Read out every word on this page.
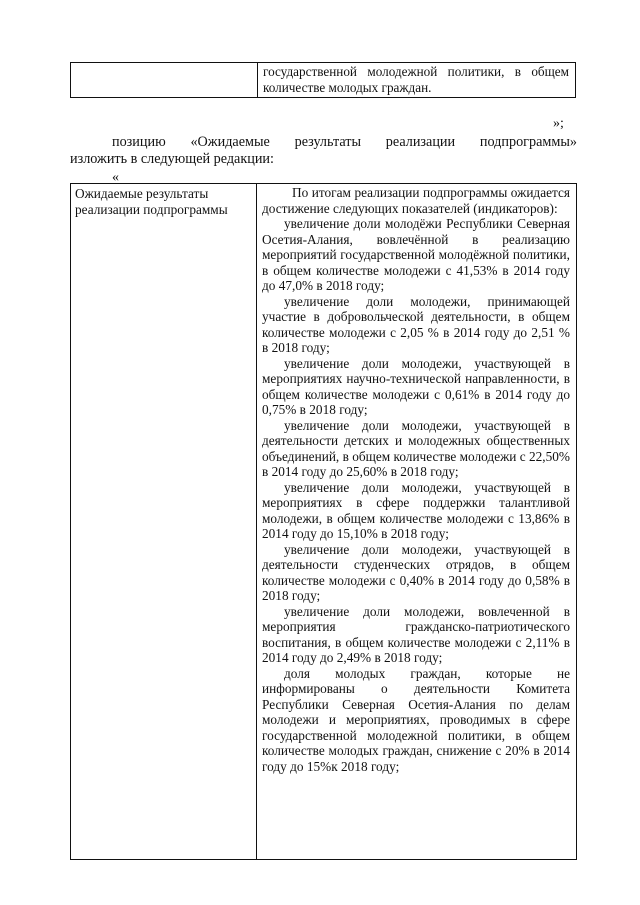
государственной молодежной политики, в общем количестве молодых граждан.
»;
позицию «Ожидаемые результаты реализации подпрограммы»
изложить в следующей редакции:
«
Ожидаемые результаты реализации подпрограммы

По итогам реализации подпрограммы ожидается достижение следующих показателей (индикаторов):

увеличение доли молодёжи Республики Северная Осетия-Алания, вовлечённой в реализацию мероприятий государственной молодёжной политики, в общем количестве молодежи с 41,53% в 2014 году до 47,0% в 2018 году;

увеличение доли молодежи, принимающей участие в добровольческой деятельности, в общем количестве молодежи с 2,05 % в 2014 году до 2,51 % в 2018 году;

увеличение доли молодежи, участвующей в мероприятиях научно-технической направленности, в общем количестве молодежи с 0,61% в 2014 году до 0,75% в 2018 году;

увеличение доли молодежи, участвующей в деятельности детских и молодежных общественных объединений, в общем количестве молодежи с 22,50% в 2014 году до 25,60% в 2018 году;

увеличение доли молодежи, участвующей в мероприятиях в сфере поддержки талантливой молодежи, в общем количестве молодежи с 13,86% в 2014 году до 15,10% в 2018 году;

увеличение доли молодежи, участвующей в деятельности студенческих отрядов, в общем количестве молодежи с 0,40% в 2014 году до 0,58% в 2018 году;

увеличение доли молодежи, вовлеченной в мероприятия гражданско-патриотического воспитания, в общем количестве молодежи с 2,11% в 2014 году до 2,49% в 2018 году;

доля молодых граждан, которые не информированы о деятельности Комитета Республики Северная Осетия-Алания по делам молодежи и мероприятиях, проводимых в сфере государственной молодежной политики, в общем количестве молодых граждан, снижение с 20% в 2014 году до 15%к 2018 году;
